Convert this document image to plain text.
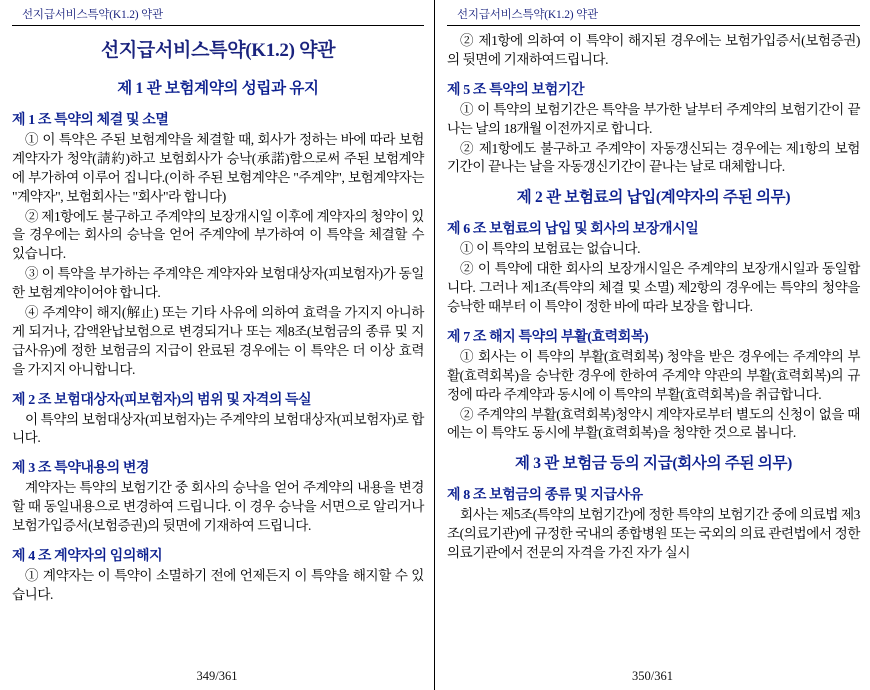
선지급서비스특약(K1.2) 약관
선지급서비스특약(K1.2) 약관
제 1 관 보험계약의 성립과 유지
제 1 조 특약의 체결 및 소멸

① 이 특약은 주된 보험계약을 체결할 때, 회사가 정하는 바에 따라 보험계약자가 청약(請約)하고 보험회사가 승낙(承諾)함으로써 주된 보험계약에 부가하여 이루어 집니다.(이하 주된 보험계약은 "주계약", 보험계약자는 "계약자", 보험회사는 "회사"라 합니다)

② 제1항에도 불구하고 주계약의 보장개시일 이후에 계약자의 청약이 있을 경우에는 회사의 승낙을 얻어 주계약에 부가하여 이 특약을 체결할 수 있습니다.

③ 이 특약을 부가하는 주계약은 계약자와 보험대상자(피보험자)가 동일한 보험계약이어야 합니다.

④ 주계약이 해지(解止) 또는 기타 사유에 의하여 효력을 가지지 아니하게 되거나, 감액완납보험으로 변경되거나 또는 제8조(보험금의 종류 및 지급사유)에 정한 보험금의 지급이 완료된 경우에는 이 특약은 더 이상 효력을 가지지 아니합니다.

제 2 조 보험대상자(피보험자)의 범위 및 자격의 득실

이 특약의 보험대상자(피보험자)는 주계약의 보험대상자(피보험자)로 합니다.

제 3 조 특약내용의 변경

계약자는 특약의 보험기간 중 회사의 승낙을 얻어 주계약의 내용을 변경할 때 동일내용으로 변경하여 드립니다. 이 경우 승낙을 서면으로 알리거나 보험가입증서(보험증권)의 뒷면에 기재하여 드립니다.

제 4 조 계약자의 임의해지

① 계약자는 이 특약이 소멸하기 전에 언제든지 이 특약을 해지할 수 있습니다.

349/361
선지급서비스특약(K1.2) 약관

② 제1항에 의하여 이 특약이 해지된 경우에는 보험가입증서(보험증권)의 뒷면에 기재하여드립니다.

제 5 조 특약의 보험기간

① 이 특약의 보험기간은 특약을 부가한 날부터 주계약의 보험기간이 끝나는 날의 18개월 이전까지로 합니다.

② 제1항에도 불구하고 주계약이 자동갱신되는 경우에는 제1항의 보험기간이 끝나는 날을 자동갱신기간이 끝나는 날로 대체합니다.

제 2 관 보험료의 납입(계약자의 주된 의무)
제 6 조 보험료의 납입 및 회사의 보장개시일

① 이 특약의 보험료는 없습니다.

② 이 특약에 대한 회사의 보장개시일은 주계약의 보장개시일과 동일합니다. 그러나 제1조(특약의 체결 및 소멸) 제2항의 경우에는 특약의 청약을 승낙한 때부터 이 특약이 정한 바에 따라 보장을 합니다.

제 7 조 해지 특약의 부활(효력회복)

① 회사는 이 특약의 부활(효력회복) 청약을 받은 경우에는 주계약의 부활(효력회복)을 승낙한 경우에 한하여 주계약 약관의 부활(효력회복)의 규정에 따라 주계약과 동시에 이 특약의 부활(효력회복)을 취급합니다.

② 주계약의 부활(효력회복)청약시 계약자로부터 별도의 신청이 없을 때에는 이 특약도 동시에 부활(효력회복)을 청약한 것으로 봅니다.

제 3 관 보험금 등의 지급(회사의 주된 의무)
제 8 조 보험금의 종류 및 지급사유

회사는 제5조(특약의 보험기간)에 정한 특약의 보험기간 중에 의료법 제3조(의료기관)에 규정한 국내의 종합병원 또는 국외의 의료 관련법에서 정한 의료기관에서 전문의 자격을 가진 자가 실시

350/361
